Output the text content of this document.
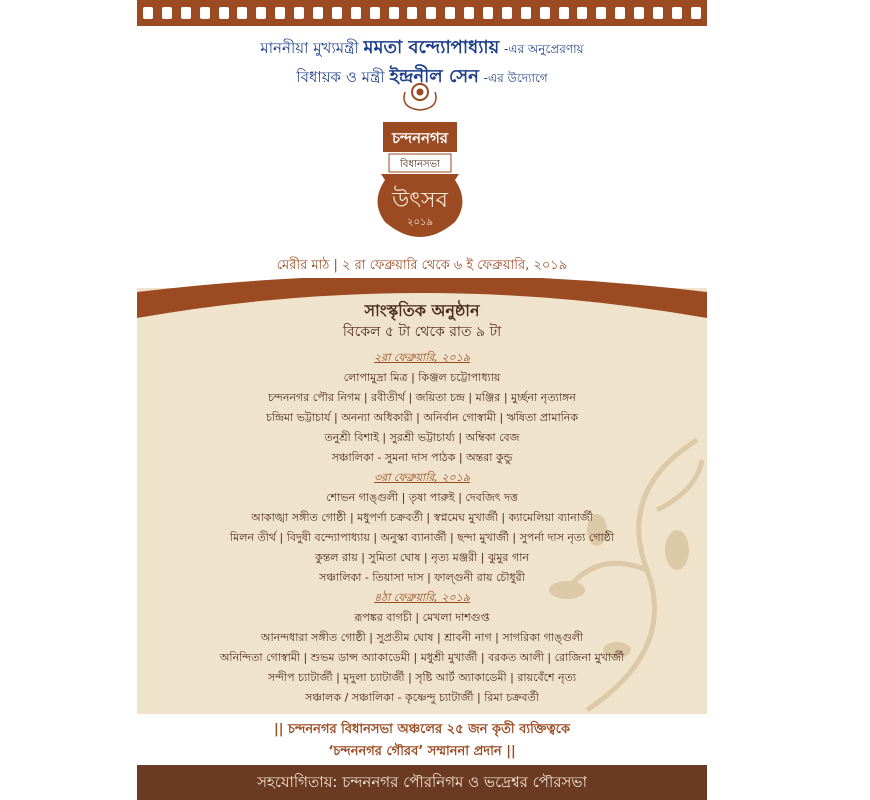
মাননীয়া মুখ্যমন্ত্রী মমতা বন্দ্যোপাধ্যায় -এর অনুপ্রেরণায়
বিধায়ক ও মন্ত্রী ইন্দ্রনীল সেন -এর উদ্যোগে
চন্দননগর
বিধানসভা
উৎসব
২০১৯
মেরীর মাঠ | ২ রা ফেব্রুয়ারি থেকে ৬ ই ফেব্রুয়ারি, ২০১৯
সাংস্কৃতিক অনুষ্ঠান
বিকেল ৫ টা থেকে রাত ৯ টা
২রা ফেব্রুয়ারি, ২০১৯
লোপামুদ্রা মিত্র | কিঞ্জল চট্টোপাধ্যায়
চন্দননগর পৌর নিগম | রবীতীর্থ | জয়িতা চন্দ্র | মঞ্জির | মুর্চ্ছনা নৃত্যাঙ্গন
চন্দ্রিমা ভট্টাচার্য | অনন্যা অধিকারী | অনির্বান গোস্বামী | ঋষিতা প্রামানিক
তনুশ্রী বিশাই | সুরশ্রী ভট্টাচার্য্য | অম্বিকা বেজ
সঞ্চালিকা - সুমনা দাস পাঠক | অন্তরা কুন্ডু
৩রা ফেব্রুয়ারি, ২০১৯
শোভন গাঙ্গুলী | তৃষা পারুই | দেবজিৎ দত্ত
আকাঙ্খা সঙ্গীত গোষ্ঠী | মধুপর্ণা চক্রবর্তী | স্বপ্নমেঘ মুখার্জী | ক্যামেলিয়া ব্যানার্জী
মিলন তীর্থ | বিদুষী বন্দ্যোপাধ্যায় | অনুস্কা ব্যানার্জী | ছন্দা মুখার্জী | সুপর্না দাস নৃত্য গোষ্ঠী
কুন্তল রায় | সুমিতা ঘোষ | নৃত্য মঞ্জরী | ঝুমুর গান
সঞ্চালিকা - তিয়াসা দাস | ফাল্গুনী রায় চৌধুরী
৪ঠা ফেব্রুয়ারি, ২০১৯
রূপঙ্কর বাগচী | মেখলা দাশগুপ্ত
আনন্দধারা সঙ্গীত গোষ্ঠী | সুপ্রতীম ঘোষ | শ্রাবনী নাগ | সাগরিকা গাঙ্গুলী
অনিন্দিতা গোস্বামী | শুভম ডান্স অ্যাকাডেমী | মধুশ্রী মুখার্জী | বরকত আলী | রোজিনা মুখার্জী
সন্দীপ চ্যাটার্জী | মৃদুলা চ্যাটার্জী | সৃষ্টি আর্ট অ্যাকাডেমী | রায়বেঁশে নৃত্য
সঞ্চালক / সঞ্চালিকা - কৃষ্ণেন্দু চ্যাটার্জী | রিমা চক্রবর্তী
|| চন্দননগর বিধানসভা অঞ্চলের ২৫ জন কৃতী ব্যক্তিত্বকে
‘চন্দননগর গৌরব’ সম্মাননা প্রদান ||
সহযোগিতায়: চন্দননগর পৌরনিগম ও ভদ্রেশ্বর পৌরসভা
